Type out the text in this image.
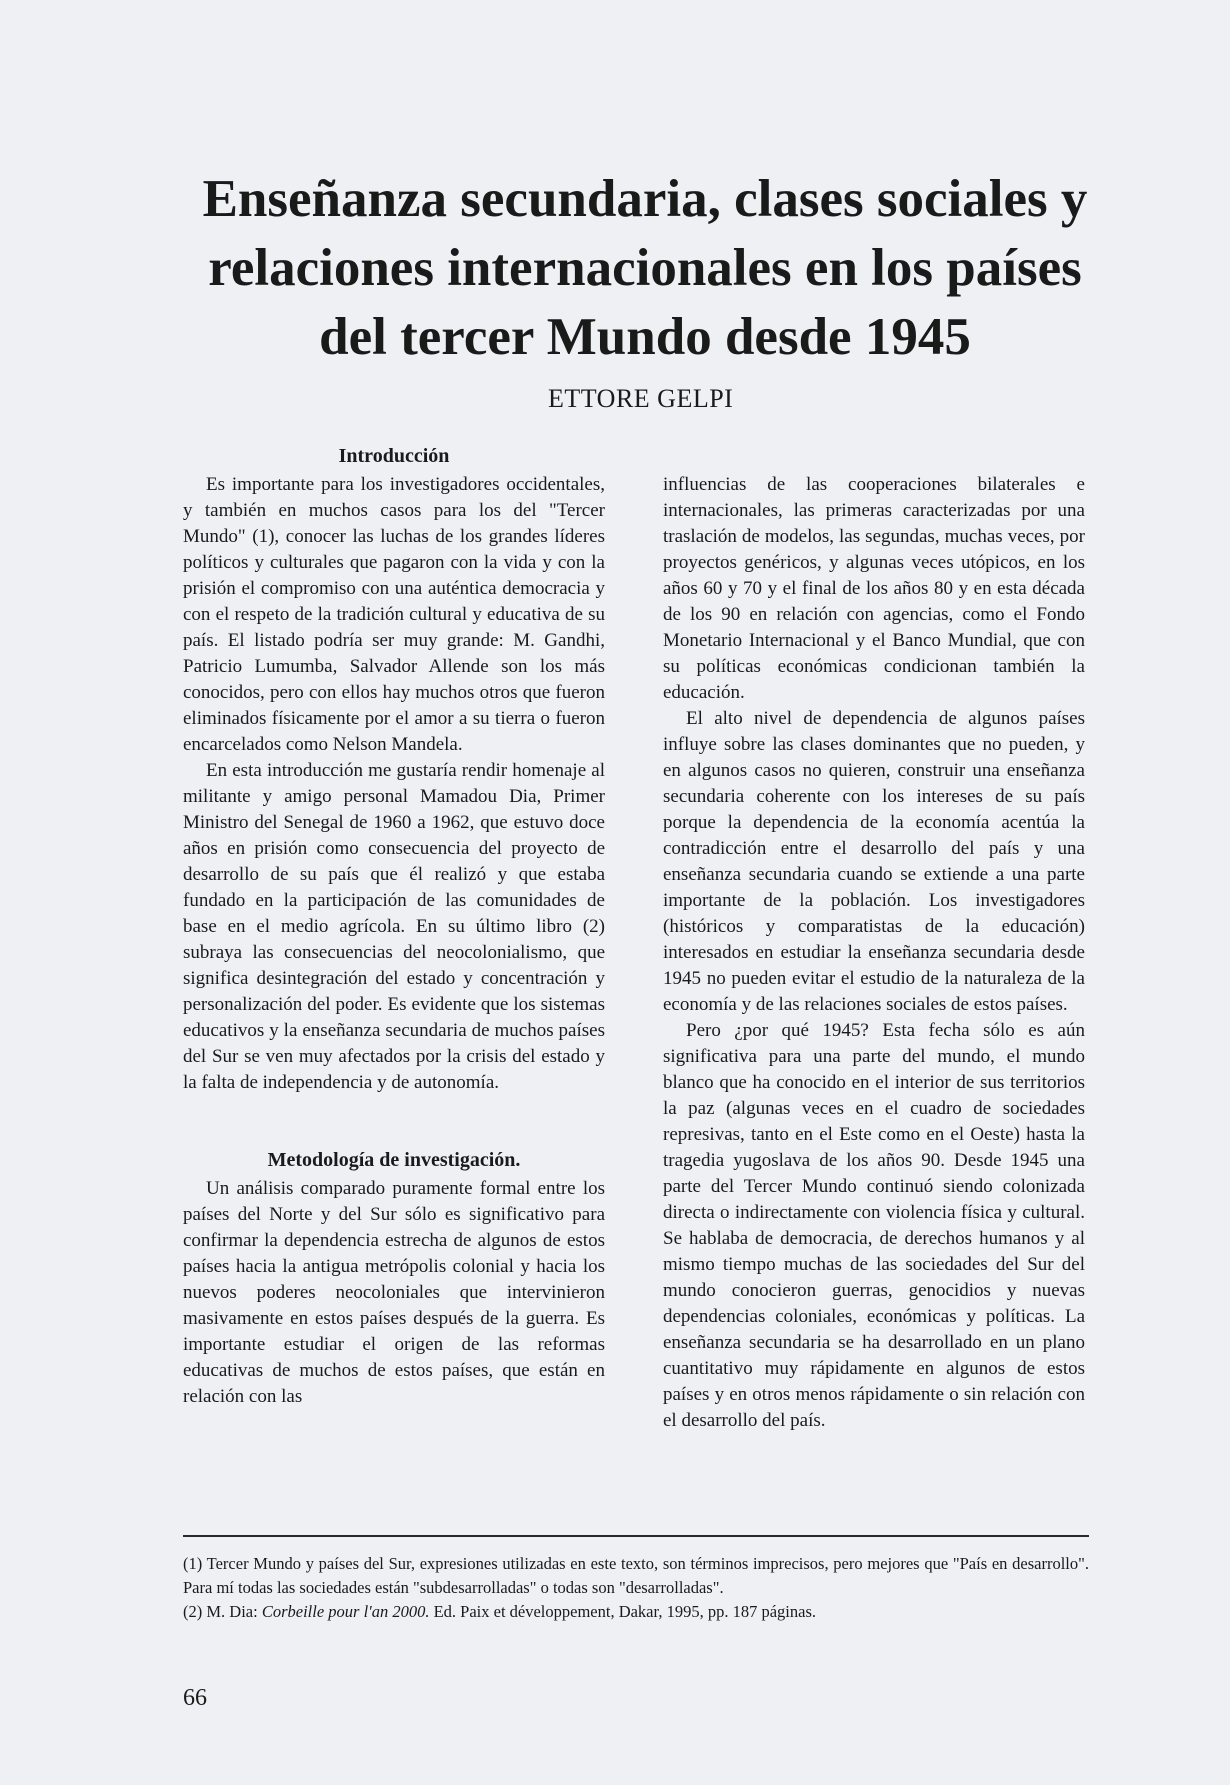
Enseñanza secundaria, clases sociales y
relaciones internacionales en los países
del tercer Mundo desde 1945
ETTORE GELPI
Introducción

Es importante para los investigadores occidentales, y también en muchos casos para los del "Tercer Mundo" (1), conocer las luchas de los grandes líderes políticos y culturales que pagaron con la vida y con la prisión el compromiso con una auténtica democracia y con el respeto de la tradición cultural y educativa de su país. El listado podría ser muy grande: M. Gandhi, Patricio Lumumba, Salvador Allende son los más conocidos, pero con ellos hay muchos otros que fueron eliminados físicamente por el amor a su tierra o fueron encarcelados como Nelson Mandela.

En esta introducción me gustaría rendir homenaje al militante y amigo personal Mamadou Dia, Primer Ministro del Senegal de 1960 a 1962, que estuvo doce años en prisión como consecuencia del proyecto de desarrollo de su país que él realizó y que estaba fundado en la participación de las comunidades de base en el medio agrícola. En su último libro (2) subraya las consecuencias del neocolonialismo, que significa desintegración del estado y concentración y personalización del poder. Es evidente que los sistemas educativos y la enseñanza secundaria de muchos países del Sur se ven muy afectados por la crisis del estado y la falta de independencia y de autonomía.

Metodología de investigación.

Un análisis comparado puramente formal entre los países del Norte y del Sur sólo es significativo para confirmar la dependencia estrecha de algunos de estos países hacia la antigua metrópolis colonial y hacia los nuevos poderes neocoloniales que intervinieron masivamente en estos países después de la guerra. Es importante estudiar el origen de las reformas educativas de muchos de estos países, que están en relación con las

influencias de las cooperaciones bilaterales e internacionales, las primeras caracterizadas por una traslación de modelos, las segundas, muchas veces, por proyectos genéricos, y algunas veces utópicos, en los años 60 y 70 y el final de los años 80 y en esta década de los 90 en relación con agencias, como el Fondo Monetario Internacional y el Banco Mundial, que con su políticas económicas condicionan también la educación.

El alto nivel de dependencia de algunos países influye sobre las clases dominantes que no pueden, y en algunos casos no quieren, construir una enseñanza secundaria coherente con los intereses de su país porque la dependencia de la economía acentúa la contradicción entre el desarrollo del país y una enseñanza secundaria cuando se extiende a una parte importante de la población. Los investigadores (históricos y comparatistas de la educación) interesados en estudiar la enseñanza secundaria desde 1945 no pueden evitar el estudio de la naturaleza de la economía y de las relaciones sociales de estos países.

Pero ¿por qué 1945? Esta fecha sólo es aún significativa para una parte del mundo, el mundo blanco que ha conocido en el interior de sus territorios la paz (algunas veces en el cuadro de sociedades represivas, tanto en el Este como en el Oeste) hasta la tragedia yugoslava de los años 90. Desde 1945 una parte del Tercer Mundo continuó siendo colonizada directa o indirectamente con violencia física y cultural. Se hablaba de democracia, de derechos humanos y al mismo tiempo muchas de las sociedades del Sur del mundo conocieron guerras, genocidios y nuevas dependencias coloniales, económicas y políticas. La enseñanza secundaria se ha desarrollado en un plano cuantitativo muy rápidamente en algunos de estos países y en otros menos rápidamente o sin relación con el desarrollo del país.

(1) Tercer Mundo y países del Sur, expresiones utilizadas en este texto, son términos imprecisos, pero mejores que "País en desarrollo". Para mí todas las sociedades están "subdesarrolladas" o todas son "desarrolladas".

(2) M. Dia: Corbeille pour l'an 2000. Ed. Paix et développement, Dakar, 1995, pp. 187 páginas.

66
